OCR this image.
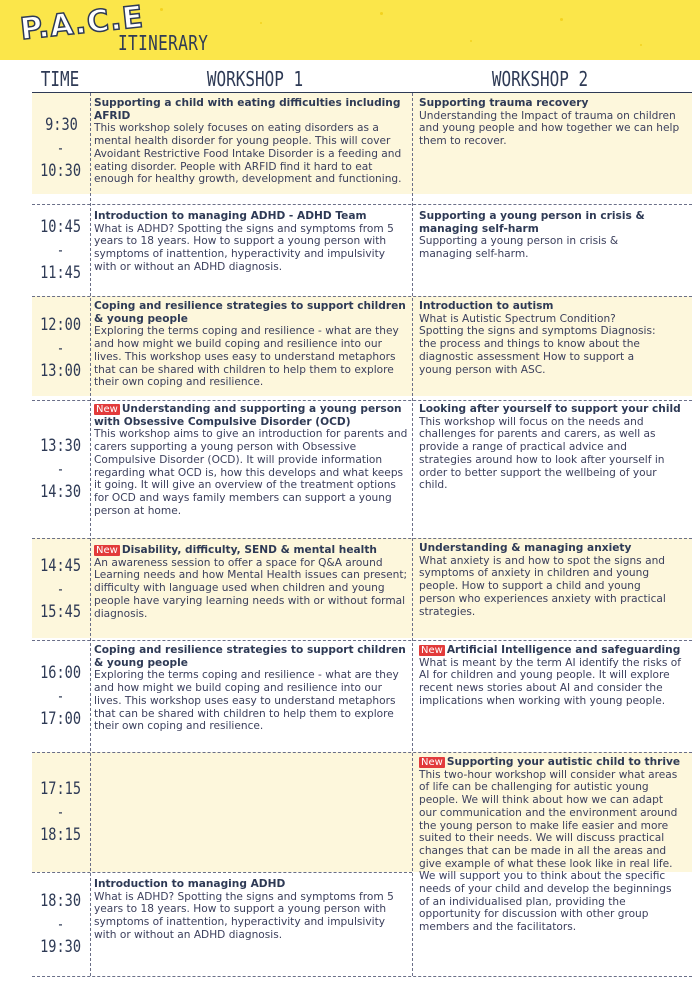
P.A.C.E
ITINERARY
TIME	WORKSHOP 1	WORKSHOP 2
9:30
-
10:30
10:45
-
11:45
12:00
-
13:00
13:30
-
14:30
14:45
-
15:45
16:00
-
17:00
17:15
-
18:15
18:30
-
19:30
Supporting a child with eating difficulties including AFRID
This workshop solely focuses on eating disorders as a mental health disorder for young people. This will cover Avoidant Restrictive Food Intake Disorder is a feeding and eating disorder. People with ARFID find it hard to eat enough for healthy growth, development and functioning.
Introduction to managing ADHD - ADHD Team
What is ADHD? Spotting the signs and symptoms from 5 years to 18 years. How to support a young person with symptoms of inattention, hyperactivity and impulsivity with or without an ADHD diagnosis.
Coping and resilience strategies to support children & young people
Exploring the terms coping and resilience - what are they and how might we build coping and resilience into our lives. This workshop uses easy to understand metaphors that can be shared with children to help them to explore their own coping and resilience.
New Understanding and supporting a young person with Obsessive Compulsive Disorder (OCD)
This workshop aims to give an introduction for parents and carers supporting a young person with Obsessive Compulsive Disorder (OCD). It will provide information regarding what OCD is, how this develops and what keeps it going. It will give an overview of the treatment options for OCD and ways family members can support a young person at home.
New Disability, difficulty, SEND & mental health
An awareness session to offer a space for Q&A around Learning needs and how Mental Health issues can present; difficulty with language used when children and young people have varying learning needs with or without formal diagnosis.
Coping and resilience strategies to support children & young people
Exploring the terms coping and resilience - what are they and how might we build coping and resilience into our lives. This workshop uses easy to understand metaphors that can be shared with children to help them to explore their own coping and resilience.
Introduction to managing ADHD
What is ADHD? Spotting the signs and symptoms from 5 years to 18 years. How to support a young person with symptoms of inattention, hyperactivity and impulsivity with or without an ADHD diagnosis.
Supporting trauma recovery
Understanding the Impact of trauma on children and young people and how together we can help them to recover.
Supporting a young person in crisis & managing self-harm
Supporting a young person in crisis & managing self-harm.
Introduction to autism
What is Autistic Spectrum Condition? Spotting the signs and symptoms Diagnosis: the process and things to know about the diagnostic assessment How to support a young person with ASC.
Looking after yourself to support your child
This workshop will focus on the needs and challenges for parents and carers, as well as provide a range of practical advice and strategies around how to look after yourself in order to better support the wellbeing of your child.
Understanding & managing anxiety
What anxiety is and how to spot the signs and symptoms of anxiety in children and young people. How to support a child and young person who experiences anxiety with practical strategies.
New Artificial Intelligence and safeguarding
What is meant by the term AI identify the risks of AI for children and young people. It will explore recent news stories about AI and consider the implications when working with young people.
New Supporting your autistic child to thrive
This two-hour workshop will consider what areas of life can be challenging for autistic young people. We will think about how we can adapt our communication and the environment around the young person to make life easier and more suited to their needs. We will discuss practical changes that can be made in all the areas and give example of what these look like in real life. We will support you to think about the specific needs of your child and develop the beginnings of an individualised plan, providing the opportunity for discussion with other group members and the facilitators.
